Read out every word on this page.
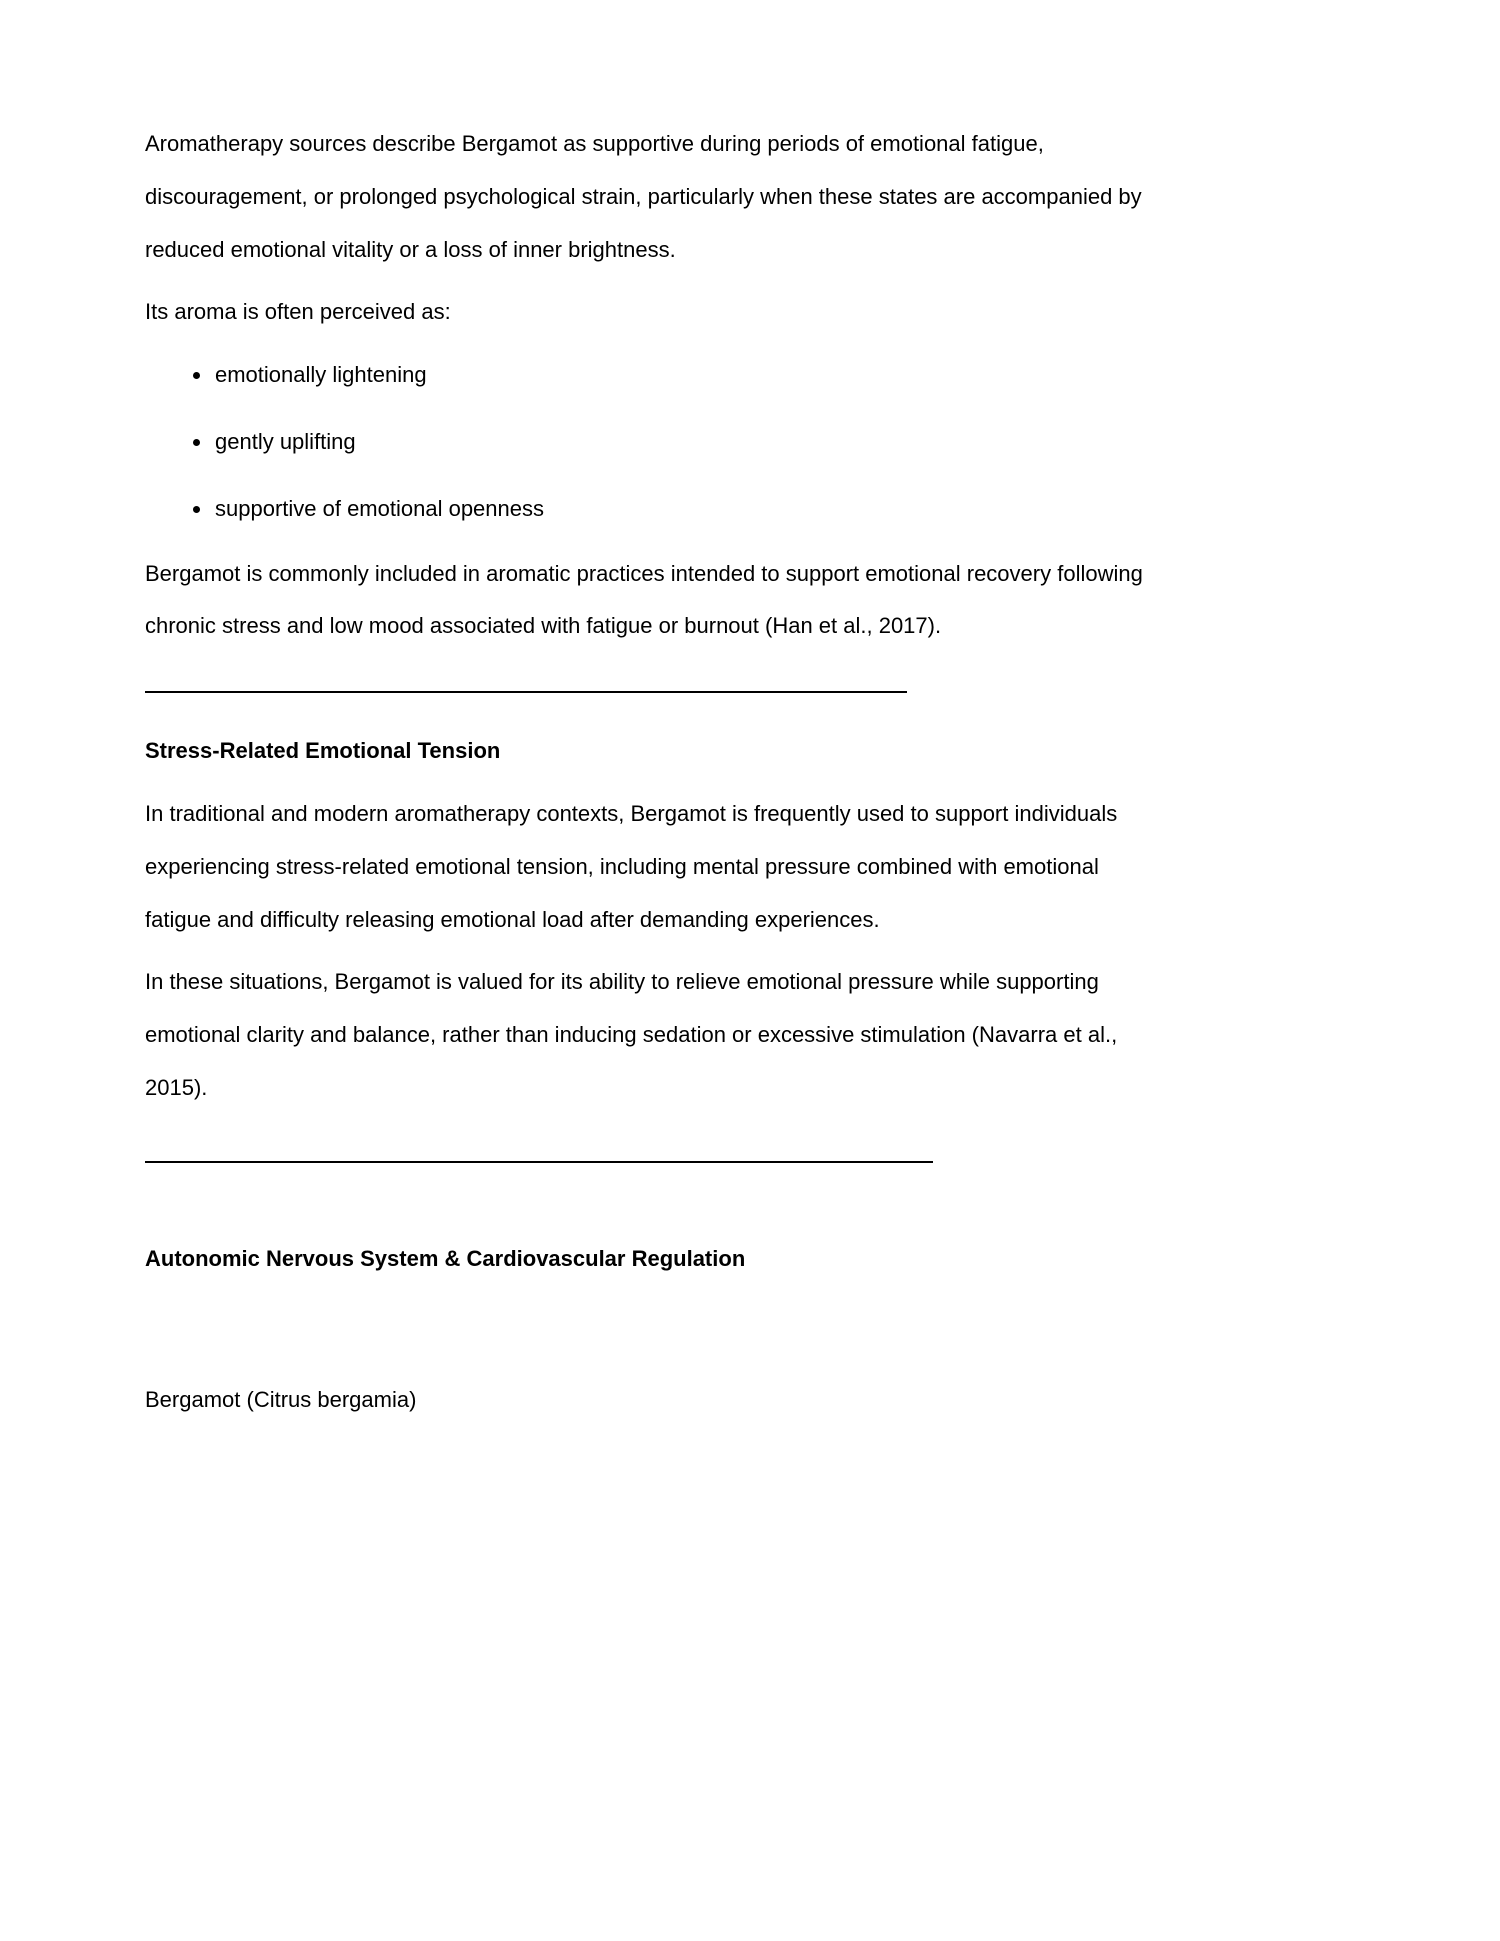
Aromatherapy sources describe Bergamot as supportive during periods of emotional fatigue, discouragement, or prolonged psychological strain, particularly when these states are accompanied by reduced emotional vitality or a loss of inner brightness.

Its aroma is often perceived as:

• emotionally lightening
• gently uplifting
• supportive of emotional openness

Bergamot is commonly included in aromatic practices intended to support emotional recovery following chronic stress and low mood associated with fatigue or burnout (Han et al., 2017).

Stress-Related Emotional Tension

In traditional and modern aromatherapy contexts, Bergamot is frequently used to support individuals experiencing stress-related emotional tension, including mental pressure combined with emotional fatigue and difficulty releasing emotional load after demanding experiences.

In these situations, Bergamot is valued for its ability to relieve emotional pressure while supporting emotional clarity and balance, rather than inducing sedation or excessive stimulation (Navarra et al., 2015).

Autonomic Nervous System & Cardiovascular Regulation

Bergamot (Citrus bergamia)
